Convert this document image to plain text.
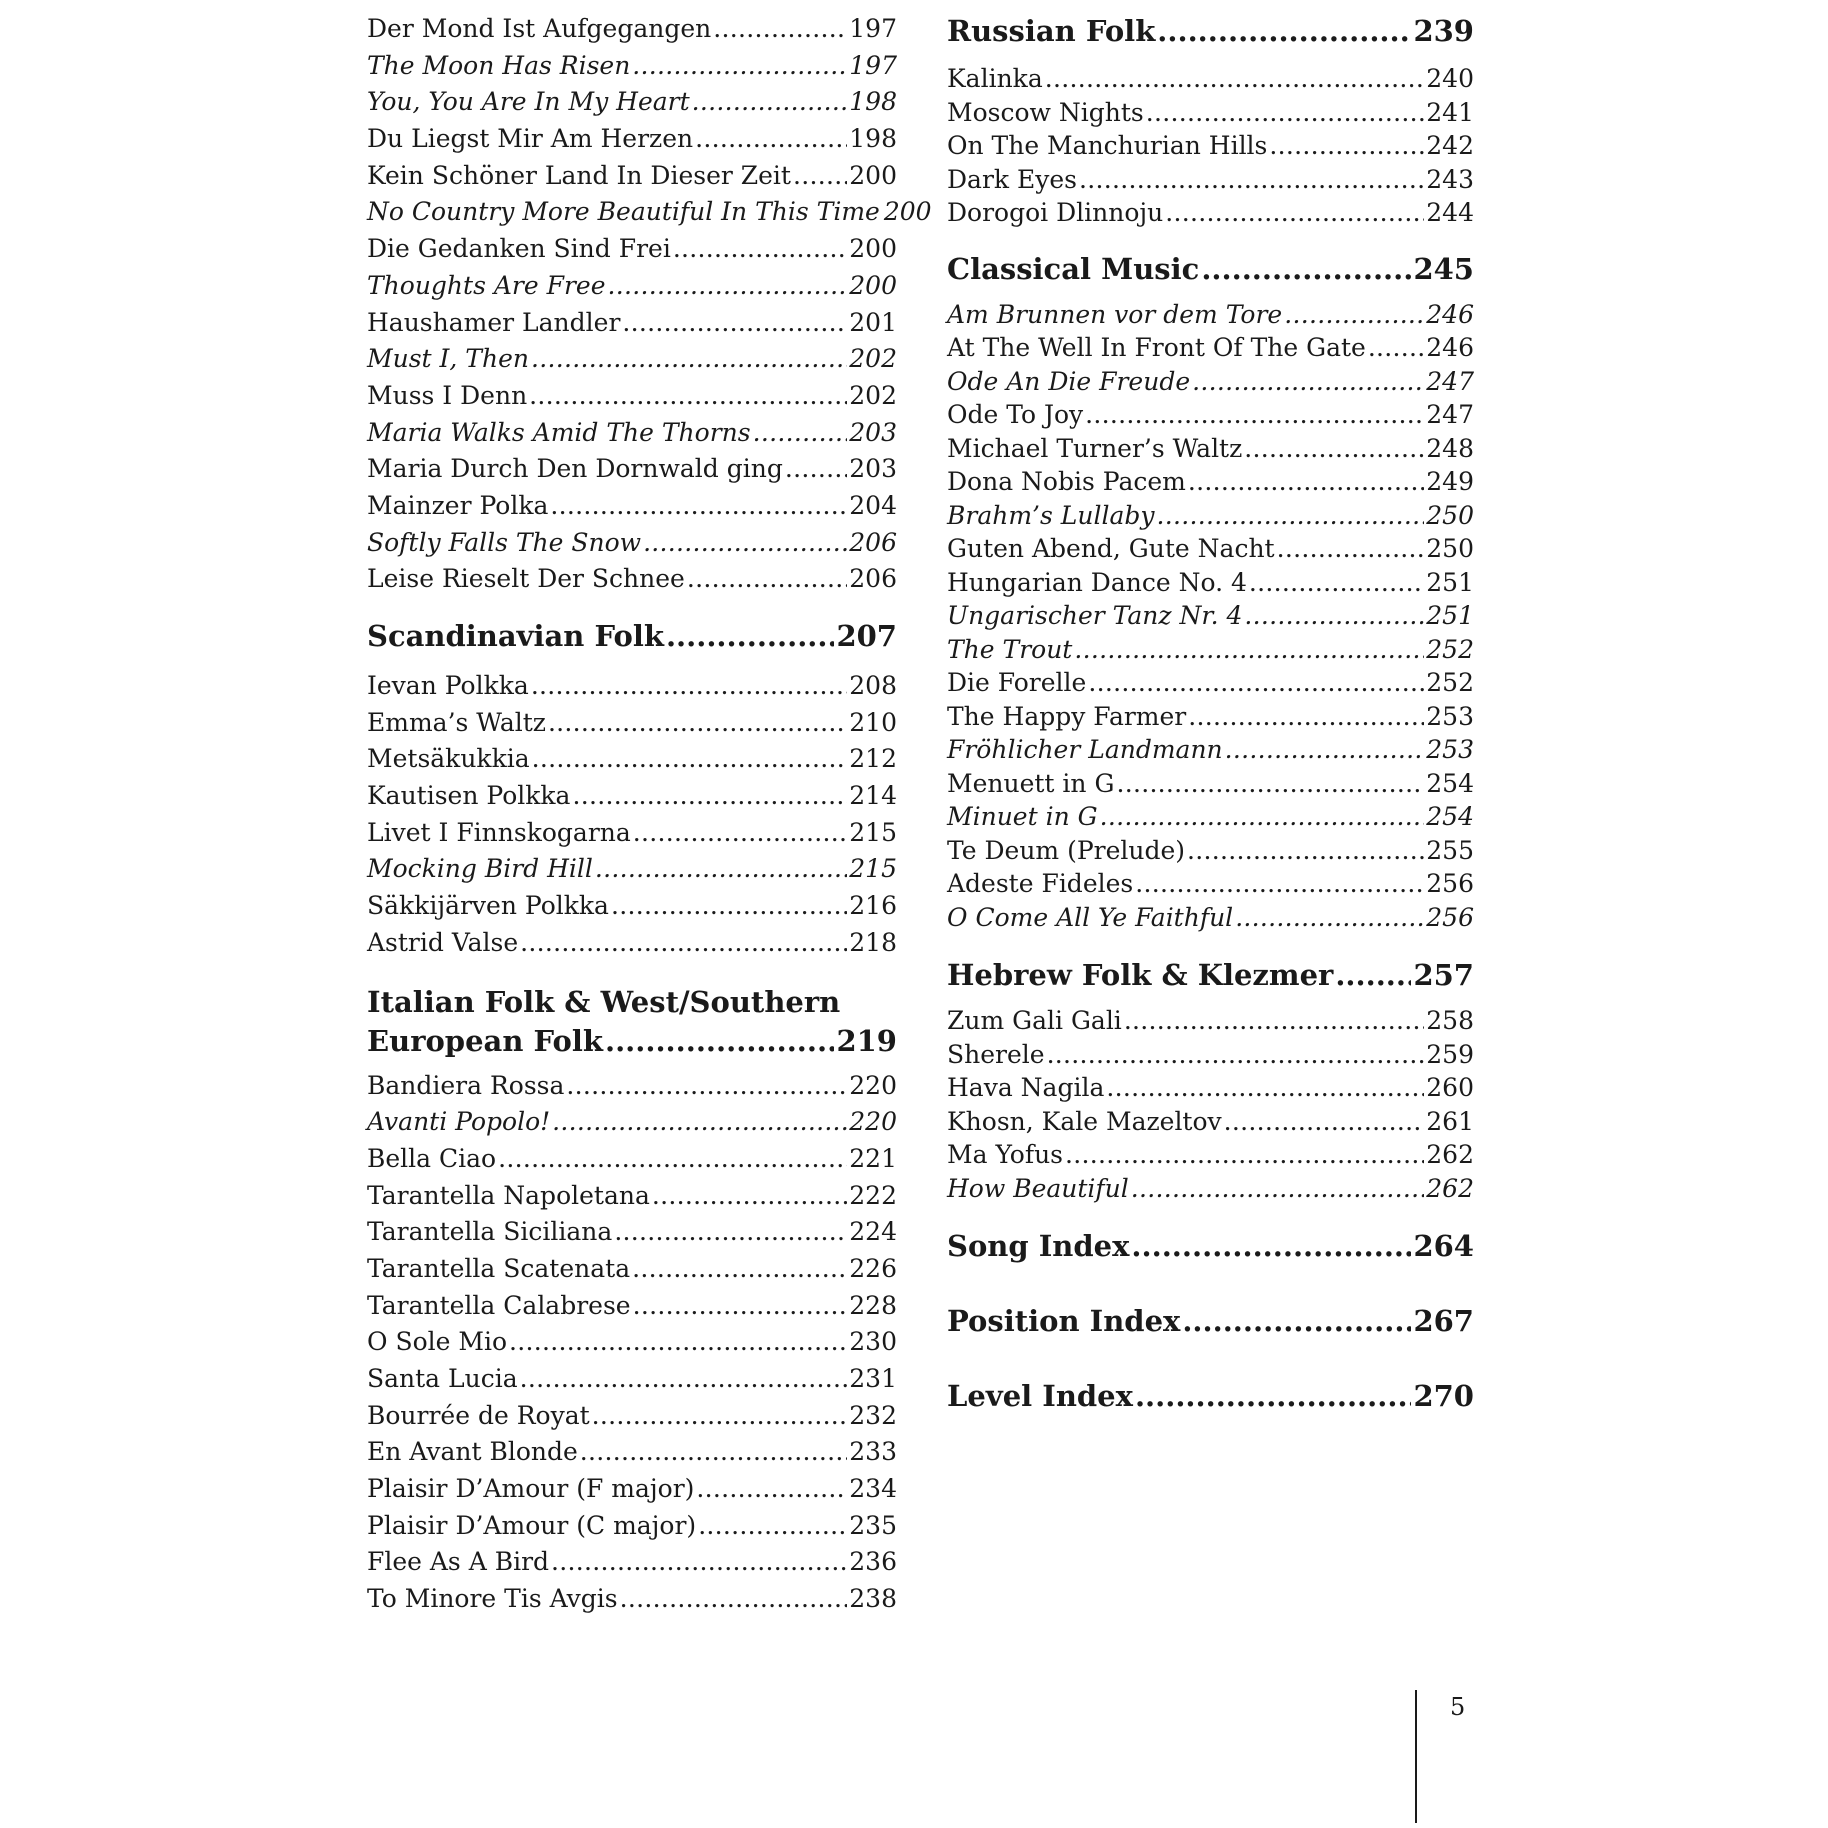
Der Mond Ist Aufgegangen .....	197
The Moon Has Risen .....	197
You, You Are In My Heart .....	198
Du Liegst Mir Am Herzen .....	198
Kein Schöner Land In Dieser Zeit ..... 200
No Country More Beautiful In This Time 200
Die Gedanken Sind Frei .....	200
Thoughts Are Free .....	200
Haushamer Landler .....	201
Must I, Then .....	202
Muss I Denn .....	202
Maria Walks Amid The Thorns .....	203
Maria Durch Den Dornwald ging .....	203
Mainzer Polka .....	204
Softly Falls The Snow .....	206
Leise Rieselt Der Schnee .....	206
Scandinavian Folk .....	207
Ievan Polkka .....	208
Emma’s Waltz .....	210
Metsäkukkia .....	212
Kautisen Polkka .....	214
Livet I Finnskogarna .....	215
Mocking Bird Hill .....	215
Säkkijärven Polkka .....	216
Astrid Valse .....	218
Italian Folk & West/Southern
European Folk .....	219
Bandiera Rossa .....	220
Avanti Popolo! .....	220
Bella Ciao .....	221
Tarantella Napoletana .....	222
Tarantella Siciliana .....	224
Tarantella Scatenata .....	226
Tarantella Calabrese .....	228
O Sole Mio .....	230
Santa Lucia .....	231
Bourrée de Royat .....	232
En Avant Blonde .....	233
Plaisir D’Amour (F major) .....	234
Plaisir D’Amour (C major) .....	235
Flee As A Bird .....	236
To Minore Tis Avgis .....	238
Russian Folk .....	239
Kalinka .....	240
Moscow Nights .....	241
On The Manchurian Hills .....	242
Dark Eyes .....	243
Dorogoi Dlinnoju .....	244
Classical Music .....	245
Am Brunnen vor dem Tore .....	246
At The Well In Front Of The Gate ..... 246
Ode An Die Freude .....	247
Ode To Joy .....	247
Michael Turner’s Waltz .....	248
Dona Nobis Pacem .....	249
Brahm’s Lullaby .....	250
Guten Abend, Gute Nacht .....	250
Hungarian Dance No. 4 .....	251
Ungarischer Tanz Nr. 4 .....	251
The Trout .....	252
Die Forelle .....	252
The Happy Farmer .....	253
Fröhlicher Landmann .....	253
Menuett in G .....	254
Minuet in G .....	254
Te Deum (Prelude) .....	255
Adeste Fideles .....	256
O Come All Ye Faithful .....	256
Hebrew Folk & Klezmer .....	257
Zum Gali Gali .....	258
Sherele .....	259
Hava Nagila .....	260
Khosn, Kale Mazeltov .....	261
Ma Yofus .....	262
How Beautiful .....	262
Song Index .....	264
Position Index .....	267
Level Index .....	270
5
